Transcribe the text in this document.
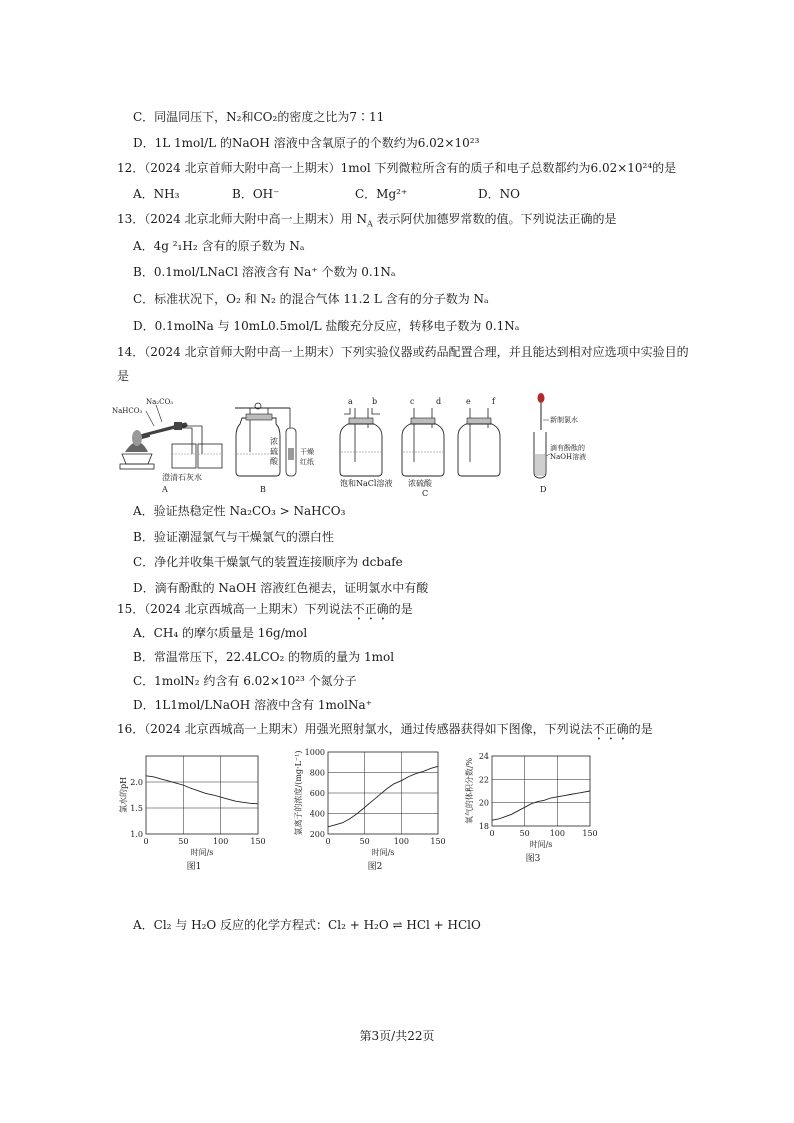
C．同温同压下，N₂和CO₂的密度之比为7∶11
D．1L 1mol/L 的NaOH 溶液中含氧原子的个数约为6.02×10²³
12．（2024 北京首师大附中高一上期末）1mol 下列微粒所含有的质子和电子总数都约为6.02×10²⁴的是
A．NH₃	B．OH⁻	C．Mg²⁺	D．NO
13．（2024 北京北师大附中高一上期末）用 $N_A$ 表示阿伏加德罗常数的值。下列说法正确的是
A．4g ²₁H₂ 含有的原子数为 Nₐ
B．0.1mol/LNaCl 溶液含有 Na⁺ 个数为 0.1Nₐ
C．标准状况下，O₂ 和 N₂ 的混合气体 11.2 L 含有的分子数为 Nₐ
D．0.1molNa 与 10mL0.5mol/L 盐酸充分反应，转移电子数为 0.1Nₐ
14．（2024 北京首师大附中高一上期末）下列实验仪器或药品配置合理，并且能达到相对应选项中实验目的
是
Na₂CO₃
NaHCO₃
澄清石灰水
A
浓
硫
酸
干燥
红纸
B
a b	c	d	e	f
饱和NaCl溶液 浓硫酸
C
新制氯水
滴有酚酞的
NaOH溶液
D
A．验证热稳定性 Na₂CO₃ > NaHCO₃
B．验证潮湿氯气与干燥氯气的漂白性
C．净化并收集干燥氯气的装置连接顺序为 dcbafe
D．滴有酚酞的 NaOH 溶液红色褪去，证明氯水中有酸
15．（2024 北京西城高一上期末）下列说法不正确的是
A．CH₄ 的摩尔质量是 16g/mol
B．常温常压下，22.4LCO₂ 的物质的量为 1mol
C．1molN₂ 约含有 6.02×10²³ 个氮分子
D．1L1mol/LNaOH 溶液中含有 1molNa⁺
16．（2024 北京西城高一上期末）用强光照射氯水，通过传感器获得如下图像，下列说法不正确的是
0	50	100	150
1.0
1.5
2.0
时间/s
图1
氯水的pH
0	50	100	150
200
400
600
800
1000
时间/s
图2
氯离子的浓度/(mg·L⁻¹)	0	50 100 150
18
20
22
24
时间/s
图3
氧气的体积分数/%
A．Cl₂ 与 H₂O 反应的化学方程式：Cl₂ + H₂O ⇌ HCl + HClO
第3页/共22页
